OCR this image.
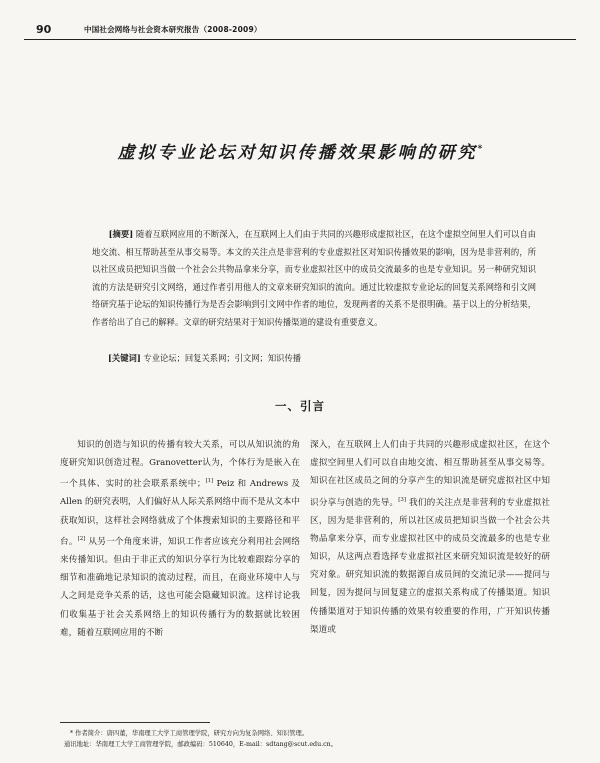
90	中国社会网络与社会资本研究报告（2008-2009）
虚拟专业论坛对知识传播效果影响的研究*
[摘要] 随着互联网应用的不断深入，在互联网上人们由于共同的兴趣形成虚拟社区，在这个虚拟空间里人们可以自由地交流、相互帮助甚至从事交易等。本文的关注点是非营利的专业虚拟社区对知识传播效果的影响，因为是非营利的，所以社区成员把知识当做一个社会公共物品拿来分享，而专业虚拟社区中的成员交流最多的也是专业知识。另一种研究知识流的方法是研究引文网络，通过作者引用他人的文章来研究知识的流向。通过比较虚拟专业论坛的回复关系网络和引文网络研究基于论坛的知识传播行为是否会影响到引文网中作者的地位，发现两者的关系不是很明确。基于以上的分析结果，作者给出了自己的解释。文章的研究结果对于知识传播渠道的建设有重要意义。
[关键词] 专业论坛；回复关系网；引文网；知识传播
一、引言
知识的创造与知识的传播有较大关系，可以从知识流的角度研究知识创造过程。Granovetter认为，个体行为是嵌入在一个具体、实时的社会联系系统中；[1] Peiz 和 Andrews 及 Allen 的研究表明，人们偏好从人际关系网络中而不是从文本中获取知识，这样社会网络就成了个体搜索知识的主要路径和平台。[2] 从另一个角度来讲，知识工作者应该充分利用社会网络来传播知识。但由于非正式的知识分享行为比较难跟踪分享的细节和准确地记录知识的流动过程，而且，在商业环境中人与人之间是竞争关系的话，这也可能会隐藏知识流。这样讨论我们收集基于社会关系网络上的知识传播行为的数据就比较困难，随着互联网应用的不断
深入，在互联网上人们由于共同的兴趣形成虚拟社区，在这个虚拟空间里人们可以自由地交流、相互帮助甚至从事交易等。知识在社区成员之间的分享产生的知识流是研究虚拟社区中知识分享与创造的先导。[3] 我们的关注点是非营利的专业虚拟社区，因为是非营利的，所以社区成员把知识当做一个社会公共物品拿来分享，而专业虚拟社区中的成员交流最多的也是专业知识，从这两点看选择专业虚拟社区来研究知识流是较好的研究对象。研究知识流的数据源自成员间的交流记录——提问与回复，因为提问与回复建立的虚拟关系构成了传播渠道。知识传播渠道对于知识传播的效果有较重要的作用，广开知识传播渠道或
* 作者简介：唐四董，华南理工大学工商管理学院，研究方向为复杂网络、知识管理。
通讯地址：华南理工大学工商管理学院，邮政编码：510640，E-mail：sdtang@scut.edu.cn。
